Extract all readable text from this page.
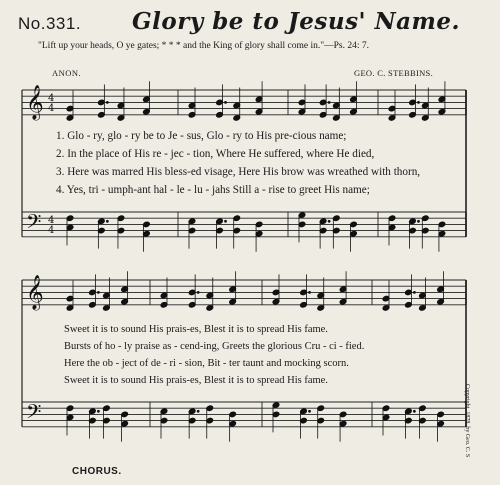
𝄞
𝄞
𝄢
𝄢
4
4
4
4
No.331. Glory be to Jesus' Name.
"Lift up your heads, O ye gates; * * * and the King of glory shall come in."—Ps. 24: 7.
ANON.	GEO. C. STEBBINS.
1. Glo - ry, glo - ry be to Je - sus, Glo - ry to His pre-cious name;
2. In the place of His re - jec - tion, Where He suffered, where He died,
3. Here was marred His bless-ed visage, Here His brow was wreathed with thorn,
4. Yes, tri - umph-ant hal - le - lu - jahs Still a - rise to greet His name;
Sweet it is to sound His prais-es, Blest it is to spread His fame.
Bursts of ho - ly praise as - cend-ing, Greets the glorious Cru - ci - fied.
Here the ob - ject of de - ri - sion, Bit - ter taunt and mocking scorn.
Sweet it is to sound His prais-es, Blest it is to spread His fame.
CHORUS.
Copyright, 1878, by Geo. C. S
